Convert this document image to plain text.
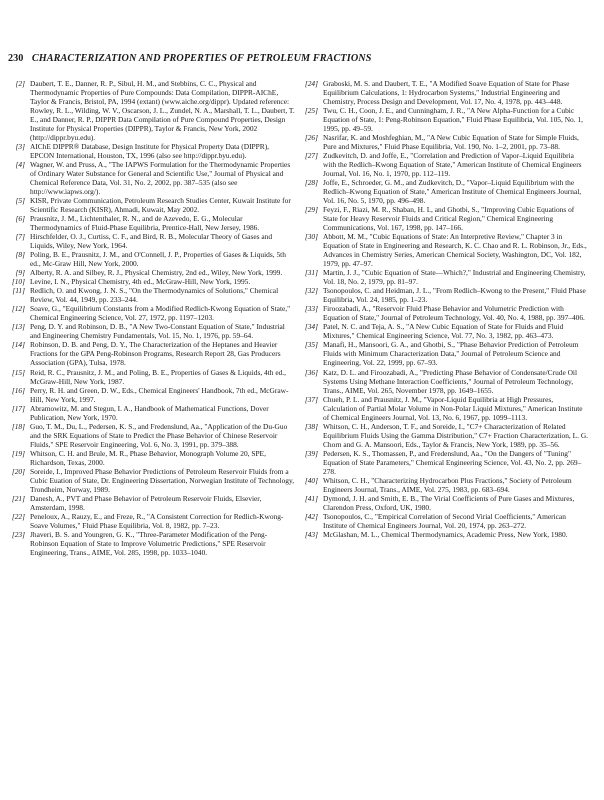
230 CHARACTERIZATION AND PROPERTIES OF PETROLEUM FRACTIONS
[2] Daubert, T. E., Danner, R. P., Sibul, H. M., and Stebbins, C. C., Physical and Thermodynamic Properties of Pure Compounds: Data Compilation, DIPPR-AIChE, Taylor & Francis, Bristol, PA, 1994 (extant) (www.aiche.org/dippr). Updated reference: Rowley, R. L., Wilding, W. V., Oscarson, J. L., Zundel, N. A., Marshall, T. L., Daubert, T. E., and Danner, R. P., DIPPR Data Compilation of Pure Compound Properties, Design Institute for Physical Properties (DIPPR), Taylor & Francis, New York, 2002 (http://dippr.byu.edu).
[3] AIChE DIPPR® Database, Design Institute for Physical Property Data (DIPPR), EPCON International, Houston, TX, 1996 (also see http://dippr.byu.edu).
[4] Wagner, W. and Pruss, A., "The IAPWS Formulation for the Thermodynamic Properties of Ordinary Water Substance for General and Scientific Use," Journal of Physical and Chemical Reference Data, Vol. 31, No. 2, 2002, pp. 387–535 (also see http://www.iapws.org/).
[5] KISR, Private Communication, Petroleum Research Studies Center, Kuwait Institute for Scientific Research (KISR), Ahmadi, Kuwait, May 2002.
[6] Prausnitz, J. M., Lichtenthaler, R. N., and de Azevedo, E. G., Molecular Thermodynamics of Fluid-Phase Equilibria, Prentice-Hall, New Jersey, 1986.
[7] Hirschfelder, O. J., Curtiss, C. F., and Bird, R. B., Molecular Theory of Gases and Liquids, Wiley, New York, 1964.
[8] Poling, B. E., Prausnitz, J. M., and O'Connell, J. P., Properties of Gases & Liquids, 5th ed., Mc-Graw Hill, New York, 2000.
[9] Alberty, R. A. and Silbey, R. J., Physical Chemistry, 2nd ed., Wiley, New York, 1999.
[10] Levine, I. N., Physical Chemistry, 4th ed., McGraw-Hill, New York, 1995.
[11] Redlich, O. and Kwong, J. N. S., "On the Thermodynamics of Solutions," Chemical Review, Vol. 44, 1949, pp. 233–244.
[12] Soave, G., "Equilibrium Constants from a Modified Redlich-Kwong Equation of State," Chemical Engineering Science, Vol. 27, 1972, pp. 1197–1203.
[13] Peng, D. Y. and Robinson, D. B., "A New Two-Constant Equation of State," Industrial and Engineering Chemistry Fundamentals, Vol. 15, No. 1, 1976, pp. 59–64.
[14] Robinson, D. B. and Peng, D. Y., The Characterization of the Heptanes and Heavier Fractions for the GPA Peng-Robinson Programs, Research Report 28, Gas Producers Association (GPA), Tulsa, 1978.
[15] Reid, R. C., Prausnitz, J. M., and Poling, B. E., Properties of Gases & Liquids, 4th ed., McGraw-Hill, New York, 1987.
[16] Perry, R. H. and Green, D. W., Eds., Chemical Engineers' Handbook, 7th ed., McGraw-Hill, New York, 1997.
[17] Abramowitz, M. and Stegun, I. A., Handbook of Mathematical Functions, Dover Publication, New York, 1970.
[18] Guo, T. M., Du, L., Pedersen, K. S., and Fredenslund, Aa., "Application of the Du-Guo and the SRK Equations of State to Predict the Phase Behavior of Chinese Reservoir Fluids," SPE Reservoir Engineering, Vol. 6, No. 3, 1991, pp. 379–388.
[19] Whitson, C. H. and Brule, M. R., Phase Behavior, Monograph Volume 20, SPE, Richardson, Texas, 2000.
[20] Soreide, I., Improved Phase Behavior Predictions of Petroleum Reservoir Fluids from a Cubic Euation of State, Dr. Engineering Dissertation, Norwegian Institute of Technology, Trondheim, Norway, 1989.
[21] Danesh, A., PVT and Phase Behavior of Petroleum Reservoir Fluids, Elsevier, Amsterdam, 1998.
[22] Peneloux, A., Rauzy, E., and Freze, R., "A Consistent Correction for Redlich-Kwong-Soave Volumes," Fluid Phase Equilibria, Vol. 8, 1982, pp. 7–23.
[23] Jhaveri, B. S. and Youngren, G. K., "Three-Parameter Modification of the Peng-Robinson Equation of State to Improve Volumetric Predictions," SPE Reservoir Engineering, Trans., AIME, Vol. 285, 1998, pp. 1033–1040.
[24] Graboski, M. S. and Daubert, T. E., "A Modified Soave Equation of State for Phase Equilibrium Calculations, 1: Hydrocarbon Systems," Industrial Engineering and Chemistry, Process Design and Development, Vol. 17, No. 4, 1978, pp. 443–448.
[25] Twu, C. H., Coon, J. E., and Cunningham, J. R., "A New Alpha-Function for a Cubic Equation of State, 1: Peng-Robinson Equation," Fluid Phase Equilibria, Vol. 105, No. 1, 1995, pp. 49–59.
[26] Nasrifar, K. and Moshfeghian, M., "A New Cubic Equation of State for Simple Fluids, Pure and Mixtures," Fluid Phase Equilibria, Vol. 190, No. 1–2, 2001, pp. 73–88.
[27] Zudkevitch, D. and Joffe, E., "Correlation and Prediction of Vapor–Liquid Equilibria with the Redlich–Kwong Equation of State," American Institute of Chemical Engineers Journal, Vol. 16, No. 1, 1970, pp. 112–119.
[28] Joffe, E., Schroeder, G. M., and Zudkevitch, D., "Vapor–Liquid Equilibrium with the Redlich–Kwong Equation of State," American Institute of Chemical Engineers Journal, Vol. 16, No. 5, 1970, pp. 496–498.
[29] Feyzi, F., Riazi, M. R., Shaban, H. I., and Ghotbi, S., "Improving Cubic Equations of State for Heavy Reservoir Fluids and Critical Region," Chemical Engineering Communications, Vol. 167, 1998, pp. 147–166.
[30] Abbott, M. M., "Cubic Equations of State: An Interpretive Review," Chapter 3 in Equation of State in Engineering and Research, K. C. Chao and R. L. Robinson, Jr., Eds., Advances in Chemistry Series, American Chemical Society, Washington, DC, Vol. 182, 1979, pp. 47–97.
[31] Martin, J. J., "Cubic Equation of State—Which?," Industrial and Engineering Chemistry, Vol. 18, No. 2, 1979, pp. 81–97.
[32] Tsonopoulos, C. and Heidman, J. L., "From Redlich–Kwong to the Present," Fluid Phase Equilibria, Vol. 24, 1985, pp. 1–23.
[33] Firoozabadi, A., "Reservoir Fluid Phase Behavior and Volumetric Prediction with Equation of State," Journal of Petroleum Technology, Vol. 40, No. 4, 1988, pp. 397–406.
[34] Patel, N. C. and Teja, A. S., "A New Cubic Equation of State for Fluids and Fluid Mixtures," Chemical Engineering Science, Vol. 77, No. 3, 1982, pp. 463–473.
[35] Manafi, H., Mansoori, G. A., and Ghotbi, S., "Phase Behavior Prediction of Petroleum Fluids with Minimum Characterization Data," Journal of Petroleum Science and Engineering, Vol. 22, 1999, pp. 67–93.
[36] Katz, D. L. and Firoozabadi, A., "Predicting Phase Behavior of Condensate/Crude Oil Systems Using Methane Interaction Coefficients," Journal of Petroleum Technology, Trans., AIME, Vol. 265, November 1978, pp. 1649–1655.
[37] Chueh, P. L. and Prausnitz, J. M., "Vapor-Liquid Equilibria at High Pressures, Calculation of Partial Molar Volume in Non-Polar Liquid Mixtures," American Institute of Chemical Engineers Journal, Vol. 13, No. 6, 1967, pp. 1099–1113.
[38] Whitson, C. H., Anderson, T. F., and Soreide, I., "C7+ Characterization of Related Equilibrium Fluids Using the Gamma Distribution," C7+ Fraction Characterization, L. G. Chorn and G. A. Mansoori, Eds., Taylor & Francis, New York, 1989, pp. 35–56.
[39] Pedersen, K. S., Thomassen, P., and Fredenslund, Aa., "On the Dangers of "Tuning" Equation of State Parameters," Chemical Engineering Science, Vol. 43, No. 2, pp. 269–278.
[40] Whitson, C. H., "Characterizing Hydrocarbon Plus Fractions," Society of Petroleum Engineers Journal, Trans., AIME, Vol. 275, 1983, pp. 683–694.
[41] Dymond, J. H. and Smith, E. B., The Virial Coefficients of Pure Gases and Mixtures, Clarendon Press, Oxford, UK, 1980.
[42] Tsonopoulos, C., "Empirical Correlation of Second Virial Coefficients," American Institute of Chemical Engineers Journal, Vol. 20, 1974, pp. 263–272.
[43] McGlashan, M. L., Chemical Thermodynamics, Academic Press, New York, 1980.
